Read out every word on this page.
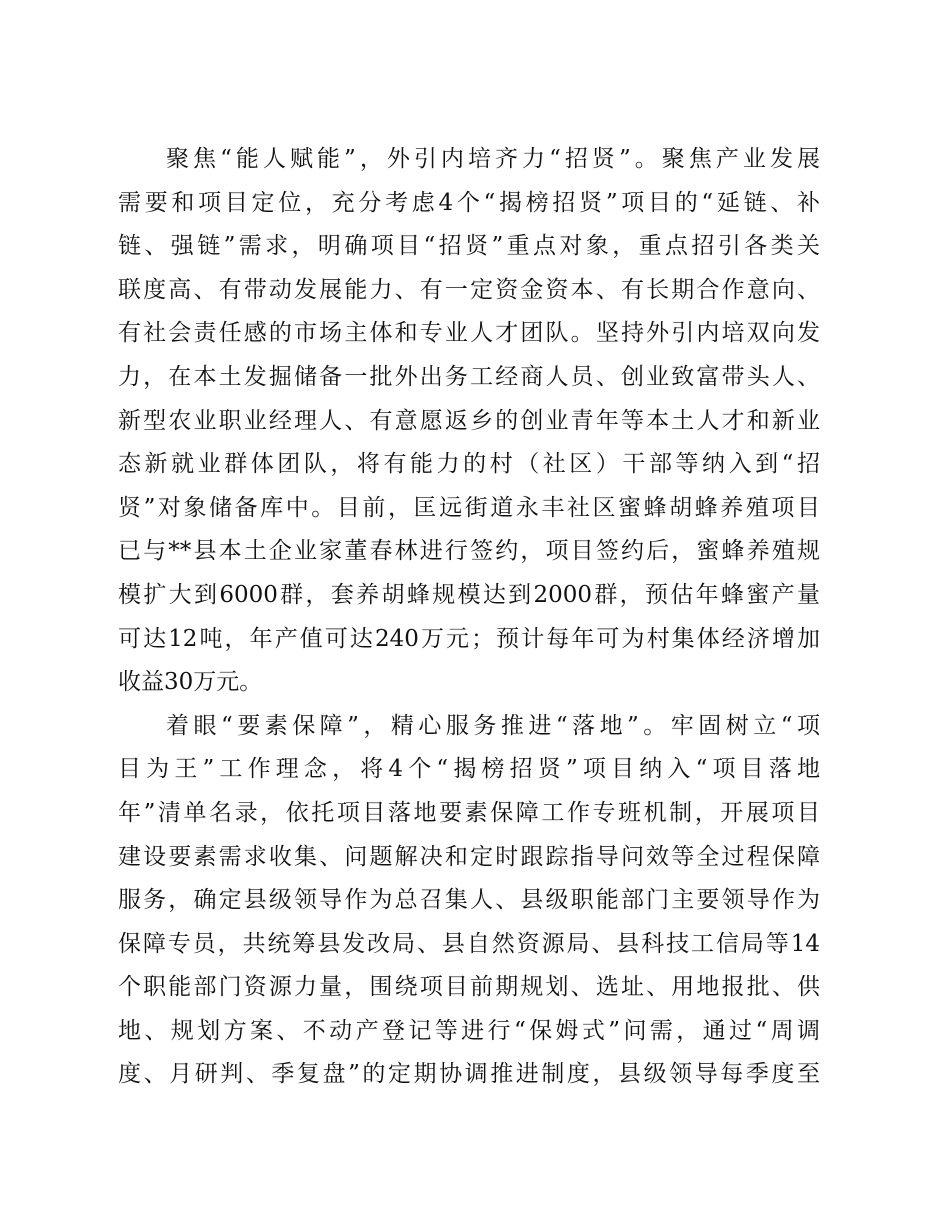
聚焦“能人赋能”，外引内培齐力“招贤”。聚焦产业发展
需要和项目定位，充分考虑4个“揭榜招贤”项目的“延链、补
链、强链”需求，明确项目“招贤”重点对象，重点招引各类关
联度高、有带动发展能力、有一定资金资本、有长期合作意向、
有社会责任感的市场主体和专业人才团队。坚持外引内培双向发
力，在本土发掘储备一批外出务工经商人员、创业致富带头人、
新型农业职业经理人、有意愿返乡的创业青年等本土人才和新业
态新就业群体团队，将有能力的村（社区）干部等纳入到“招
贤”对象储备库中。目前，匡远街道永丰社区蜜蜂胡蜂养殖项目
已与**县本土企业家董春林进行签约，项目签约后，蜜蜂养殖规
模扩大到6000群，套养胡蜂规模达到2000群，预估年蜂蜜产量
可达12吨，年产值可达240万元；预计每年可为村集体经济增加
收益30万元。
着眼“要素保障”，精心服务推进“落地”。牢固树立“项
目为王”工作理念，将4个“揭榜招贤”项目纳入“项目落地
年”清单名录，依托项目落地要素保障工作专班机制，开展项目
建设要素需求收集、问题解决和定时跟踪指导问效等全过程保障
服务，确定县级领导作为总召集人、县级职能部门主要领导作为
保障专员，共统筹县发改局、县自然资源局、县科技工信局等14
个职能部门资源力量，围绕项目前期规划、选址、用地报批、供
地、规划方案、不动产登记等进行“保姆式”问需，通过“周调
度、月研判、季复盘”的定期协调推进制度，县级领导每季度至
